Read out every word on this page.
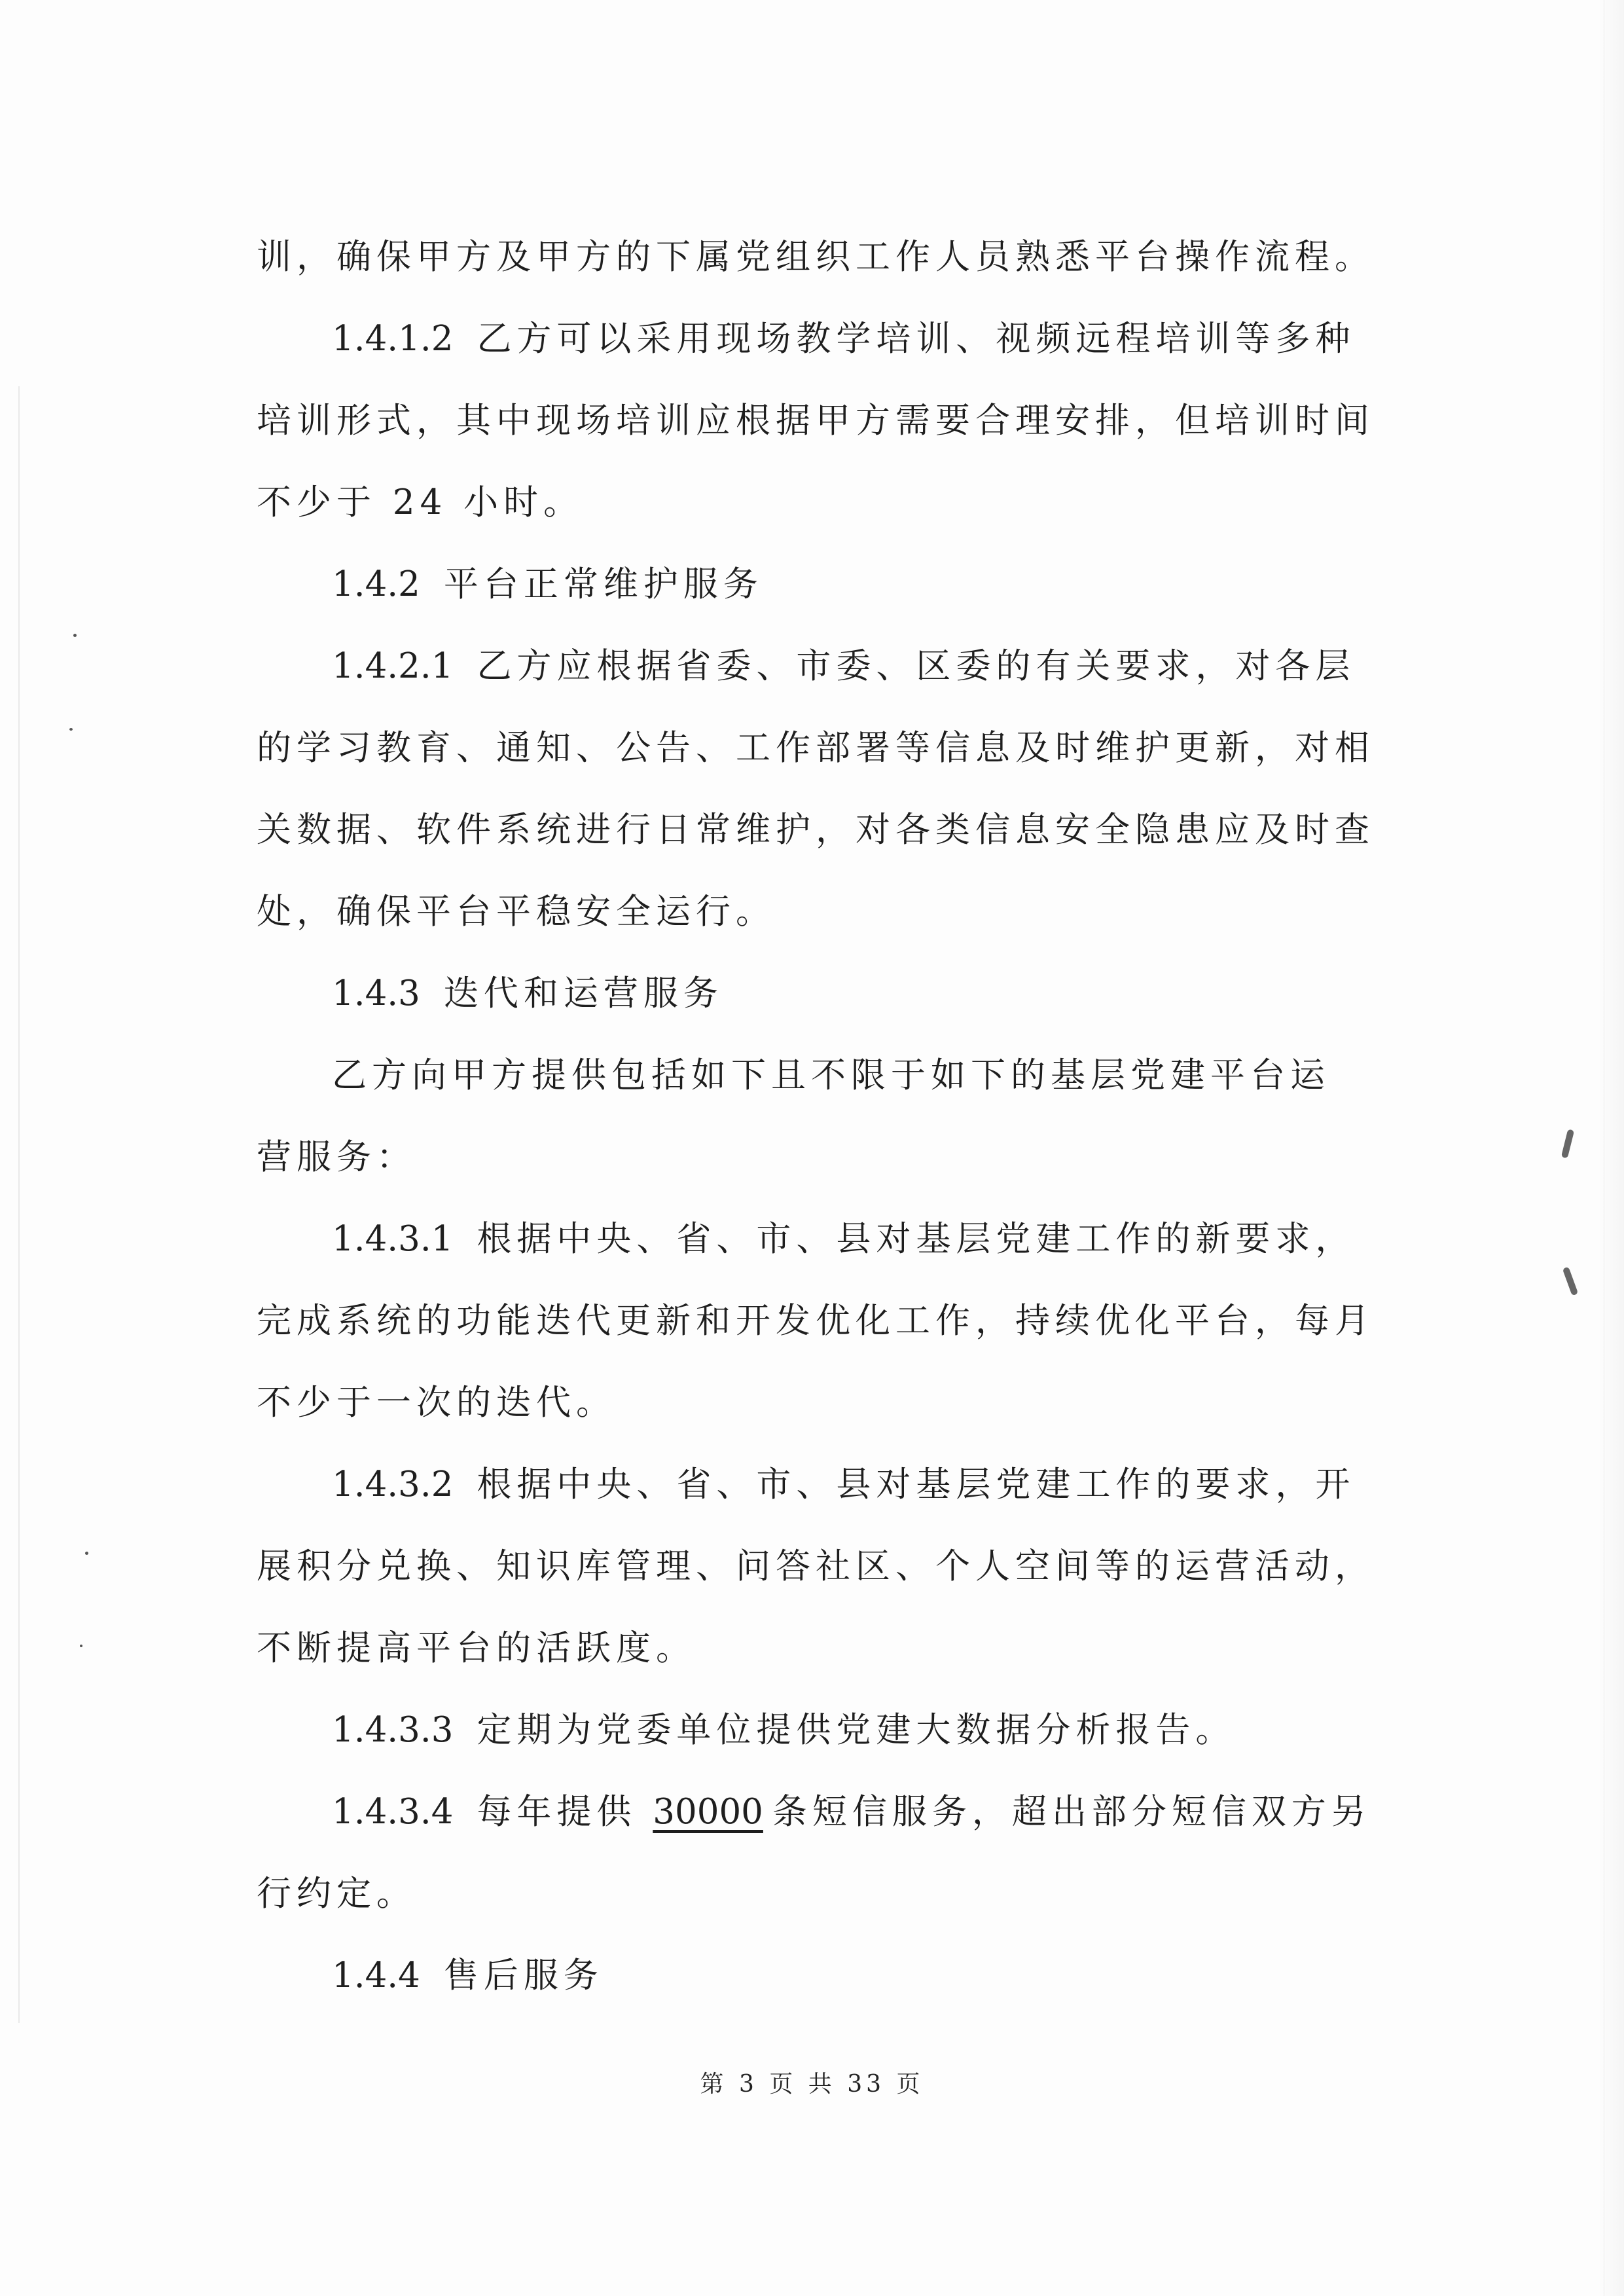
训，确保甲方及甲方的下属党组织工作人员熟悉平台操作流程。

1.4.1.2 乙方可以采用现场教学培训、视频远程培训等多种

培训形式，其中现场培训应根据甲方需要合理安排，但培训时间

不少于 24 小时。

1.4.2 平台正常维护服务

1.4.2.1 乙方应根据省委、市委、区委的有关要求，对各层

的学习教育、通知、公告、工作部署等信息及时维护更新，对相

关数据、软件系统进行日常维护，对各类信息安全隐患应及时查

处，确保平台平稳安全运行。

1.4.3 迭代和运营服务

乙方向甲方提供包括如下且不限于如下的基层党建平台运

营服务：

1.4.3.1 根据中央、省、市、县对基层党建工作的新要求，

完成系统的功能迭代更新和开发优化工作，持续优化平台，每月

不少于一次的迭代。

1.4.3.2 根据中央、省、市、县对基层党建工作的要求，开

展积分兑换、知识库管理、问答社区、个人空间等的运营活动，

不断提高平台的活跃度。

1.4.3.3 定期为党委单位提供党建大数据分析报告。

1.4.3.4 每年提供 30000 条短信服务，超出部分短信双方另

行约定。

1.4.4 售后服务

第 3 页 共 33 页
